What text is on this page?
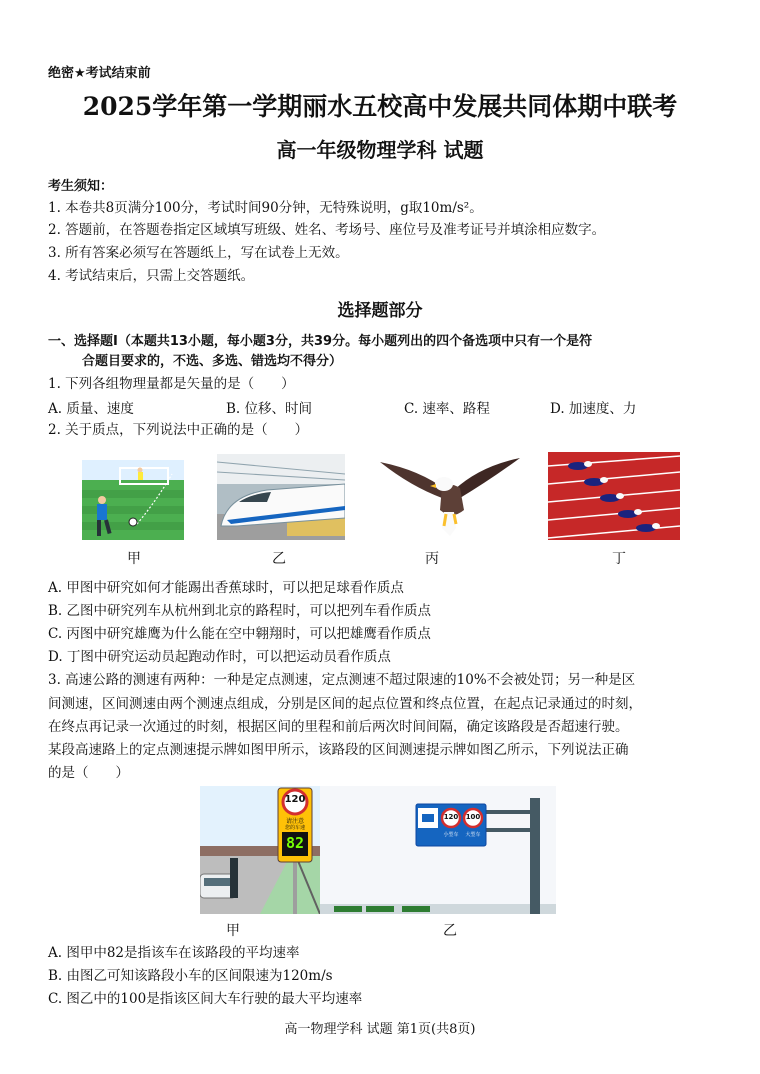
绝密★考试结束前
2025学年第一学期丽水五校高中发展共同体期中联考
高一年级物理学科 试题
考生须知：
1. 本卷共8页满分100分，考试时间90分钟，无特殊说明，g取10m/s²。
2. 答题前，在答题卷指定区域填写班级、姓名、考场号、座位号及准考证号并填涂相应数字。
3. 所有答案必须写在答题纸上，写在试卷上无效。
4. 考试结束后，只需上交答题纸。
选择题部分
一、选择题Ⅰ（本题共13小题，每小题3分，共39分。每小题列出的四个备选项中只有一个是符
合题目要求的，不选、多选、错选均不得分）
1. 下列各组物理量都是矢量的是（　　）
A. 质量、速度	B. 位移、时间	C. 速率、路程	D. 加速度、力
2. 关于质点，下列说法中正确的是（　　）
甲	乙	丙	丁
A. 甲图中研究如何才能踢出香蕉球时，可以把足球看作质点
B. 乙图中研究列车从杭州到北京的路程时，可以把列车看作质点
C. 丙图中研究雄鹰为什么能在空中翱翔时，可以把雄鹰看作质点
D. 丁图中研究运动员起跑动作时，可以把运动员看作质点
3. 高速公路的测速有两种：一种是定点测速，定点测速不超过限速的10%不会被处罚；另一种是区
间测速，区间测速由两个测速点组成，分别是区间的起点位置和终点位置，在起点记录通过的时刻，
在终点再记录一次通过的时刻，根据区间的里程和前后两次时间间隔，确定该路段是否超速行驶。
某段高速路上的定点测速提示牌如图甲所示，该路段的区间测速提示牌如图乙所示，下列说法正确
的是（　　）
120
请注意
您的车速
82
120 100
小型车	大型车
甲	乙
A. 图甲中82是指该车在该路段的平均速率
B. 由图乙可知该路段小车的区间限速为120m/s
C. 图乙中的100是指该区间大车行驶的最大平均速率
高一物理学科 试题 第1页(共8页)
